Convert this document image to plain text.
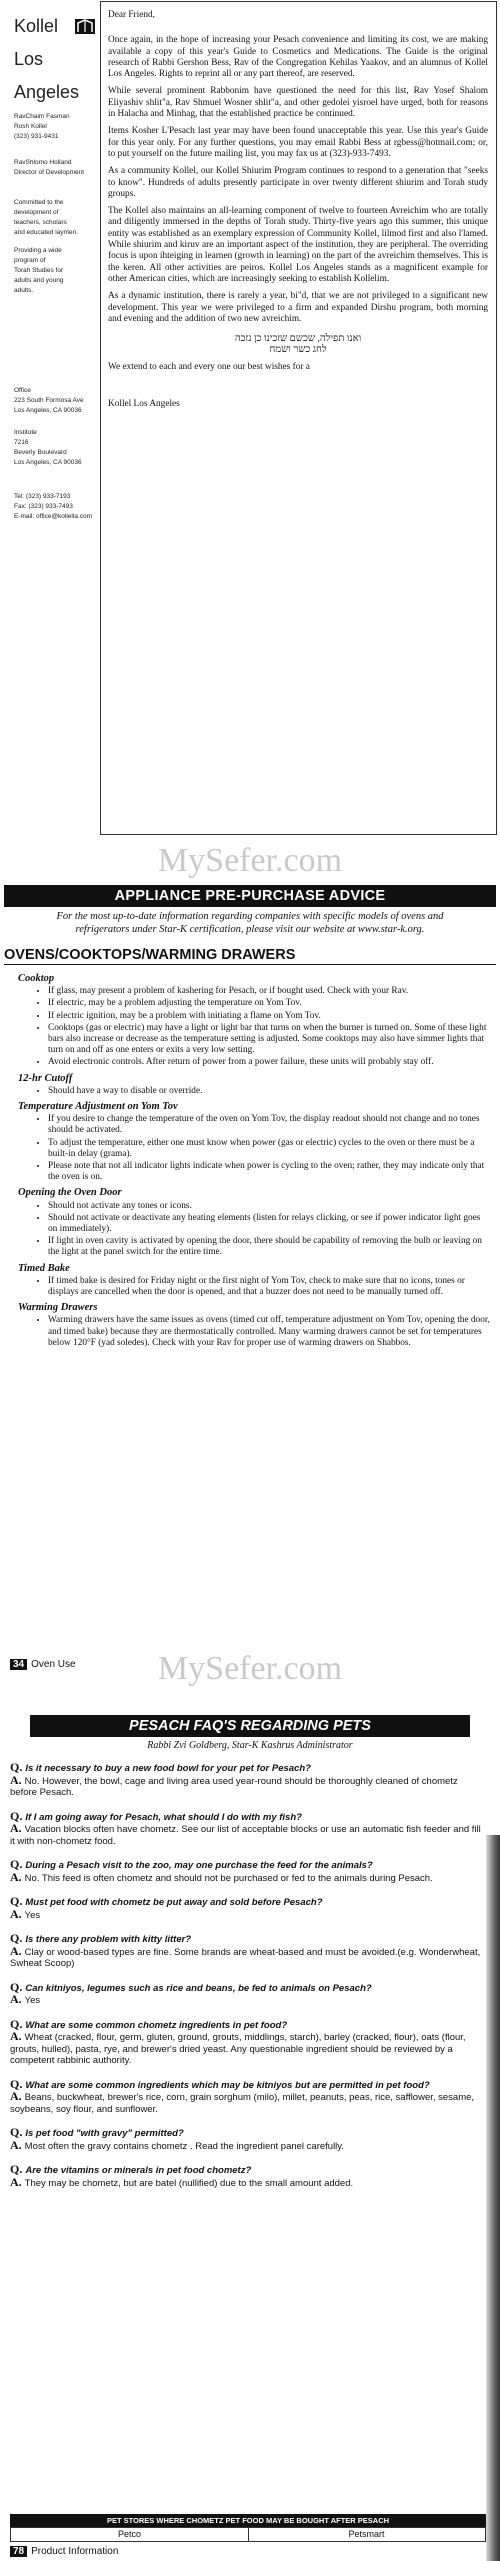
Kollel
Los
Angeles
RavChaim Fasman
Rosh Kollel
(323) 931-9431
RavShlomo Holland
Director of Development
Committed to the
development of
teachers, scholars
and educated laymen.
Providing a wide
program of
Torah Studies for
adults and young
adults.
Office
223 South Formosa Ave
Los Angeles, CA 90036
Institute
7216
Beverly Boulevard
Los Angeles, CA 90036
Tel: (323) 933-7193
Fax: (323) 933-7493
E-mail: office@kollella.com

Dear Friend,

Once again, in the hope of increasing your Pesach convenience and limiting its cost, we are making available a copy of this year's Guide to Cosmetics and Medications. The Guide is the original research of Rabbi Gershon Bess, Rav of the Congregation Kehilas Yaakov, and an alumnus of Kollel Los Angeles. Rights to reprint all or any part thereof, are reserved.

While several prominent Rabbonim have questioned the need for this list, Rav Yosef Shalom Eliyashiv shlit"a, Rav Shmuel Wosner shlit"a, and other gedolei yisroel have urged, both for reasons in Halacha and Minhag, that the established practice be continued.

Items Kosher L'Pesach last year may have been found unacceptable this year. Use this year's Guide for this year only. For any further questions, you may email Rabbi Bess at rgbess@hotmail.com; or, to put yourself on the future mailing list, you may fax us at (323)-933-7493.

As a community Kollel, our Kollel Shiurim Program continues to respond to a generation that "seeks to know". Hundreds of adults presently participate in over twenty different shiurim and Torah study groups.

The Kollel also maintains an all-learning component of twelve to fourteen Avreichim who are totally and diligently immersed in the depths of Torah study. Thirty-five years ago this summer, this unique entity was established as an exemplary expression of Community Kollel, lilmod first and also l'lamed. While shiurim and kiruv are an important aspect of the institution, they are peripheral. The overriding focus is upon ihteiging in learnen (growth in learning) on the part of the avreichim themselves. This is the keren. All other activities are peiros. Kollel Los Angeles stands as a magnificent example for other American cities, which are increasingly seeking to establish Kollelim.

As a dynamic institution, there is rarely a year, bi"d, that we are not privileged to a significant new development. This year we were privileged to a firm and expanded Dirshu program, both morning and evening and the addition of two new avreichim.

ואנו תפילה, שכשם שזכינו כן נזכה
לחג כשר ושמח

We extend to each and every one our best wishes for a

Kollel Los Angeles

MySefer.com
APPLIANCE PRE-PURCHASE ADVICE
For the most up-to-date information regarding companies with specific models of ovens and refrigerators under Star-K certification, please visit our website at www.star-k.org.
OVENS/COOKTOPS/WARMING DRAWERS
Cooktop
• If glass, may present a problem of kashering for Pesach, or if bought used. Check with your Rav.
• If electric, may be a problem adjusting the temperature on Yom Tov.
• If electric ignition, may be a problem with initiating a flame on Yom Tov.
• Cooktops (gas or electric) may have a light or light bar that turns on when the burner is turned on. Some of these light bars also increase or decrease as the temperature setting is adjusted. Some cooktops may also have simmer lights that turn on and off as one enters or exits a very low setting.
• Avoid electronic controls. After return of power from a power failure, these units will probably stay off.
12-hr Cutoff
• Should have a way to disable or override.
Temperature Adjustment on Yom Tov
• If you desire to change the temperature of the oven on Yom Tov, the display readout should not change and no tones should be activated.
• To adjust the temperature, either one must know when power (gas or electric) cycles to the oven or there must be a built-in delay (grama).
• Please note that not all indicator lights indicate when power is cycling to the oven; rather, they may indicate only that the oven is on.
Opening the Oven Door
• Should not activate any tones or icons.
• Should not activate or deactivate any heating elements (listen for relays clicking, or see if power indicator light goes on immediately).
• If light in oven cavity is activated by opening the door, there should be capability of removing the bulb or leaving on the light at the panel switch for the entire time.
Timed Bake
• If timed bake is desired for Friday night or the first night of Yom Tov, check to make sure that no icons, tones or displays are cancelled when the door is opened, and that a buzzer does not need to be manually turned off.
Warming Drawers
• Warming drawers have the same issues as ovens (timed cut off, temperature adjustment on Yom Tov, opening the door, and timed bake) because they are thermostatically controlled. Many warming drawers cannot be set for temperatures below 120°F (yad soledes). Check with your Rav for proper use of warming drawers on Shabbos.
34 Oven Use	MySefer.com
PESACH FAQ'S REGARDING PETS
Rabbi Zvi Goldberg, Star-K Kashrus Administrator
Q. Is it necessary to buy a new food bowl for your pet for Pesach?
A. No. However, the bowl, cage and living area used year-round should be thoroughly cleaned of chometz before Pesach.
Q. If I am going away for Pesach, what should I do with my fish?
A. Vacation blocks often have chometz. See our list of acceptable blocks or use an automatic fish feeder and fill it with non-chometz food.
Q. During a Pesach visit to the zoo, may one purchase the feed for the animals?
A. No. This feed is often chometz and should not be purchased or fed to the animals during Pesach.
Q. Must pet food with chometz be put away and sold before Pesach?
A. Yes
Q. Is there any problem with kitty litter?
A. Clay or wood-based types are fine. Some brands are wheat-based and must be avoided.(e.g. Wonderwheat, Swheat Scoop)
Q. Can kitniyos, legumes such as rice and beans, be fed to animals on Pesach?
A. Yes
Q. What are some common chometz ingredients in pet food?
A. Wheat (cracked, flour, germ, gluten, ground, grouts, middlings, starch), barley (cracked, flour), oats (flour, grouts, hulled), pasta, rye, and brewer's dried yeast. Any questionable ingredient should be reviewed by a competent rabbinic authority.
Q. What are some common ingredients which may be kitniyos but are permitted in pet food?
A. Beans, buckwheat, brewer's rice, corn, grain sorghum (milo), millet, peanuts, peas, rice, safflower, sesame, soybeans, soy flour, and sunflower.
Q. Is pet food "with gravy" permitted?
A. Most often the gravy contains chometz . Read the ingredient panel carefully.
Q. Are the vitamins or minerals in pet food chometz?
A. They may be chometz, but are batel (nullified) due to the small amount added.
PET STORES WHERE CHOMETZ PET FOOD MAY BE BOUGHT AFTER PESACH
Petco	Petsmart
78 Product Information
